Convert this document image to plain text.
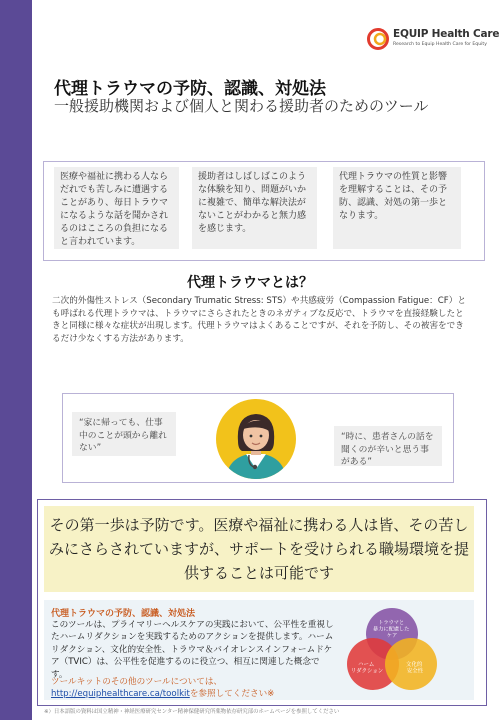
EQUIP Health Care
Research to Equip Health Care for Equity
代理トラウマの予防、認識、対処法
一般援助機関および個人と関わる援助者のためのツール
医療や福祉に携わる人ならだれでも苦しみに遭遇することがあり、毎日トラウマになるような話を聞かされるのはこころの負担になると言われています。
援助者はしばしばこのような体験を知り、問題がいかに複雑で、簡単な解決法がないことがわかると無力感を感じます。
代理トラウマの性質と影響を理解することは、その予防、認識、対処の第一歩となります。
代理トラウマとは？
二次的外傷性ストレス（Secondary Trumatic Stress: STS）や共感疲労（Compassion Fatigue：CF）とも呼ばれる代理トラウマは、トラウマにさらされたときのネガティブな反応で、トラウマを直接経験したときと同様に様々な症状が出現します。代理トラウマはよくあることですが、それを予防し、その被害をできるだけ少なくする方法があります。
“家に帰っても、仕事中のことが頭から離れない”
“時に、患者さんの話を聞くのが辛いと思う事がある”
その第一歩は予防です。医療や福祉に携わる人は皆、その苦しみにさらされていますが、サポートを受けられる職場環境を提供することは可能です
代理トラウマの予防、認識、対処法
このツールは、プライマリーヘルスケアの実践において、公平性を重視したハームリダクションを実践するためのアクションを提供します。ハームリダクション、文化的安全性、トラウマ＆バイオレンスインフォームドケア（TVIC）は、公平性を促進するのに役立つ、相互に関連した概念です。
ツールキットのその他のツールについては、
http://equiphealthcare.ca/toolkitを参照してください※
トラウマと 暴力に配慮した ケア
ハーム リダクション
文化的 安全性
※）日本語版の資料は国立精神・神経医療研究センター精神保健研究所薬物依存研究部のホームページを参照してください
